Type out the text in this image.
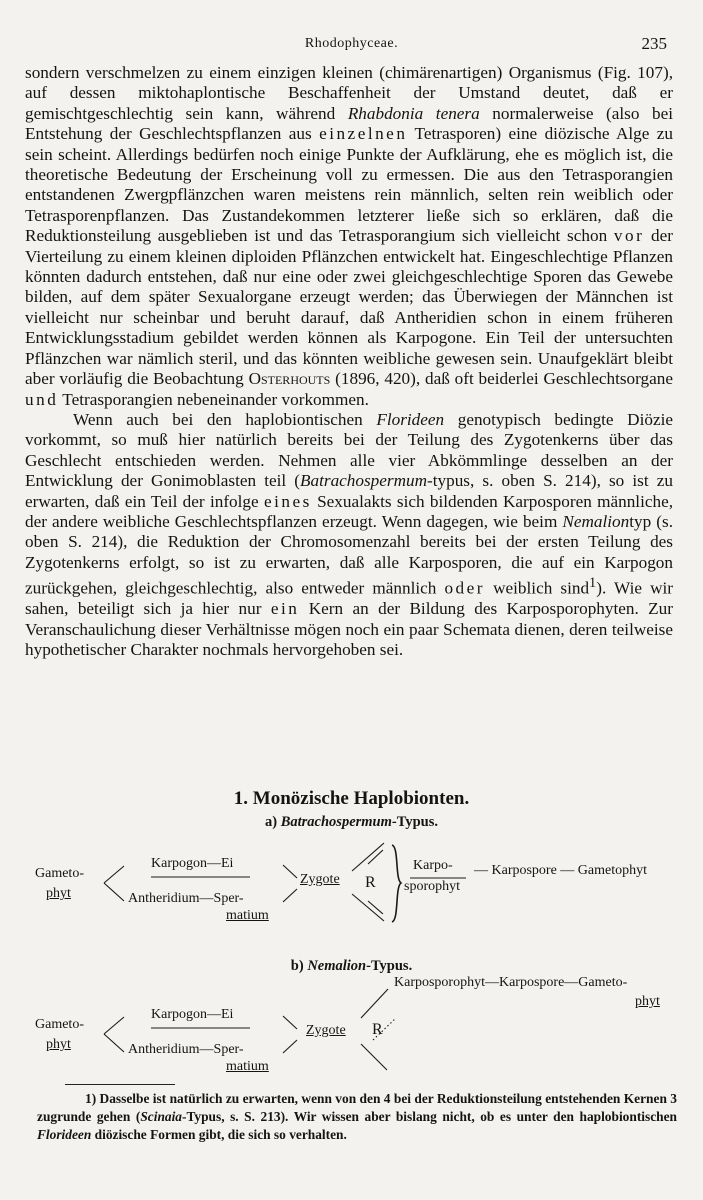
Rhodophyceae.	235

sondern verschmelzen zu einem einzigen kleinen (chimärenartigen) Organismus (Fig. 107), auf dessen miktohaplontische Beschaffenheit der Umstand deutet, daß er gemischtgeschlechtig sein kann, während Rhabdonia tenera normalerweise (also bei Entstehung der Geschlechtspflanzen aus einzelnen Tetrasporen) eine diözische Alge zu sein scheint. Allerdings bedürfen noch einige Punkte der Aufklärung, ehe es möglich ist, die theoretische Bedeutung der Erscheinung voll zu ermessen. Die aus den Tetrasporangien entstandenen Zwergpflänzchen waren meistens rein männlich, selten rein weiblich oder Tetrasporenpflanzen. Das Zustandekommen letzterer ließe sich so erklären, daß die Reduktionsteilung ausgeblieben ist und das Tetrasporangium sich vielleicht schon vor der Vierteilung zu einem kleinen diploiden Pflänzchen entwickelt hat. Eingeschlechtige Pflanzen könnten dadurch entstehen, daß nur eine oder zwei gleichgeschlechtige Sporen das Gewebe bilden, auf dem später Sexualorgane erzeugt werden; das Überwiegen der Männchen ist vielleicht nur scheinbar und beruht darauf, daß Antheridien schon in einem früheren Entwicklungsstadium gebildet werden können als Karpogone. Ein Teil der untersuchten Pflänzchen war nämlich steril, und das könnten weibliche gewesen sein. Unaufgeklärt bleibt aber vorläufig die Beobachtung Osterhouts (1896, 420), daß oft beiderlei Geschlechtsorgane und Tetrasporangien nebeneinander vorkommen.

Wenn auch bei den haplobiontischen Florideen genotypisch bedingte Diözie vorkommt, so muß hier natürlich bereits bei der Teilung des Zygotenkerns über das Geschlecht entschieden werden. Nehmen alle vier Abkömmlinge desselben an der Entwicklung der Gonimoblasten teil (Batrachospermum-typus, s. oben S. 214), so ist zu erwarten, daß ein Teil der infolge eines Sexualakts sich bildenden Karposporen männliche, der andere weibliche Geschlechtspflanzen erzeugt. Wenn dagegen, wie beim Nemaliontyp (s. oben S. 214), die Reduktion der Chromosomenzahl bereits bei der ersten Teilung des Zygotenkerns erfolgt, so ist zu erwarten, daß alle Karposporen, die auf ein Karpogon zurückgehen, gleichgeschlechtig, also entweder männlich oder weiblich sind$^1$). Wie wir sahen, beteiligt sich ja hier nur ein Kern an der Bildung des Karposporophyten. Zur Veranschaulichung dieser Verhältnisse mögen noch ein paar Schemata dienen, deren teilweise hypothetischer Charakter nochmals hervorgehoben sei.

1. Monözische Haplobionten.
a) Batrachospermum-Typus.
Gameto-
phyt
Karpogon—Ei
Antheridium—Sper-
matium
Zygote R
Karpo-
sporophyt
— Karpospore — Gametophyt
b) Nemalion-Typus.
Karposporophyt—Karpospore—Gameto-
phyt
Gameto-
phyt
Karpogon—Ei
Antheridium—Sper-
matium
Zygote R

1) Dasselbe ist natürlich zu erwarten, wenn von den 4 bei der Reduktionsteilung entstehenden Kernen 3 zugrunde gehen (Scinaia-Typus, s. S. 213). Wir wissen aber bislang nicht, ob es unter den haplobiontischen Florideen diözische Formen gibt, die sich so verhalten.
